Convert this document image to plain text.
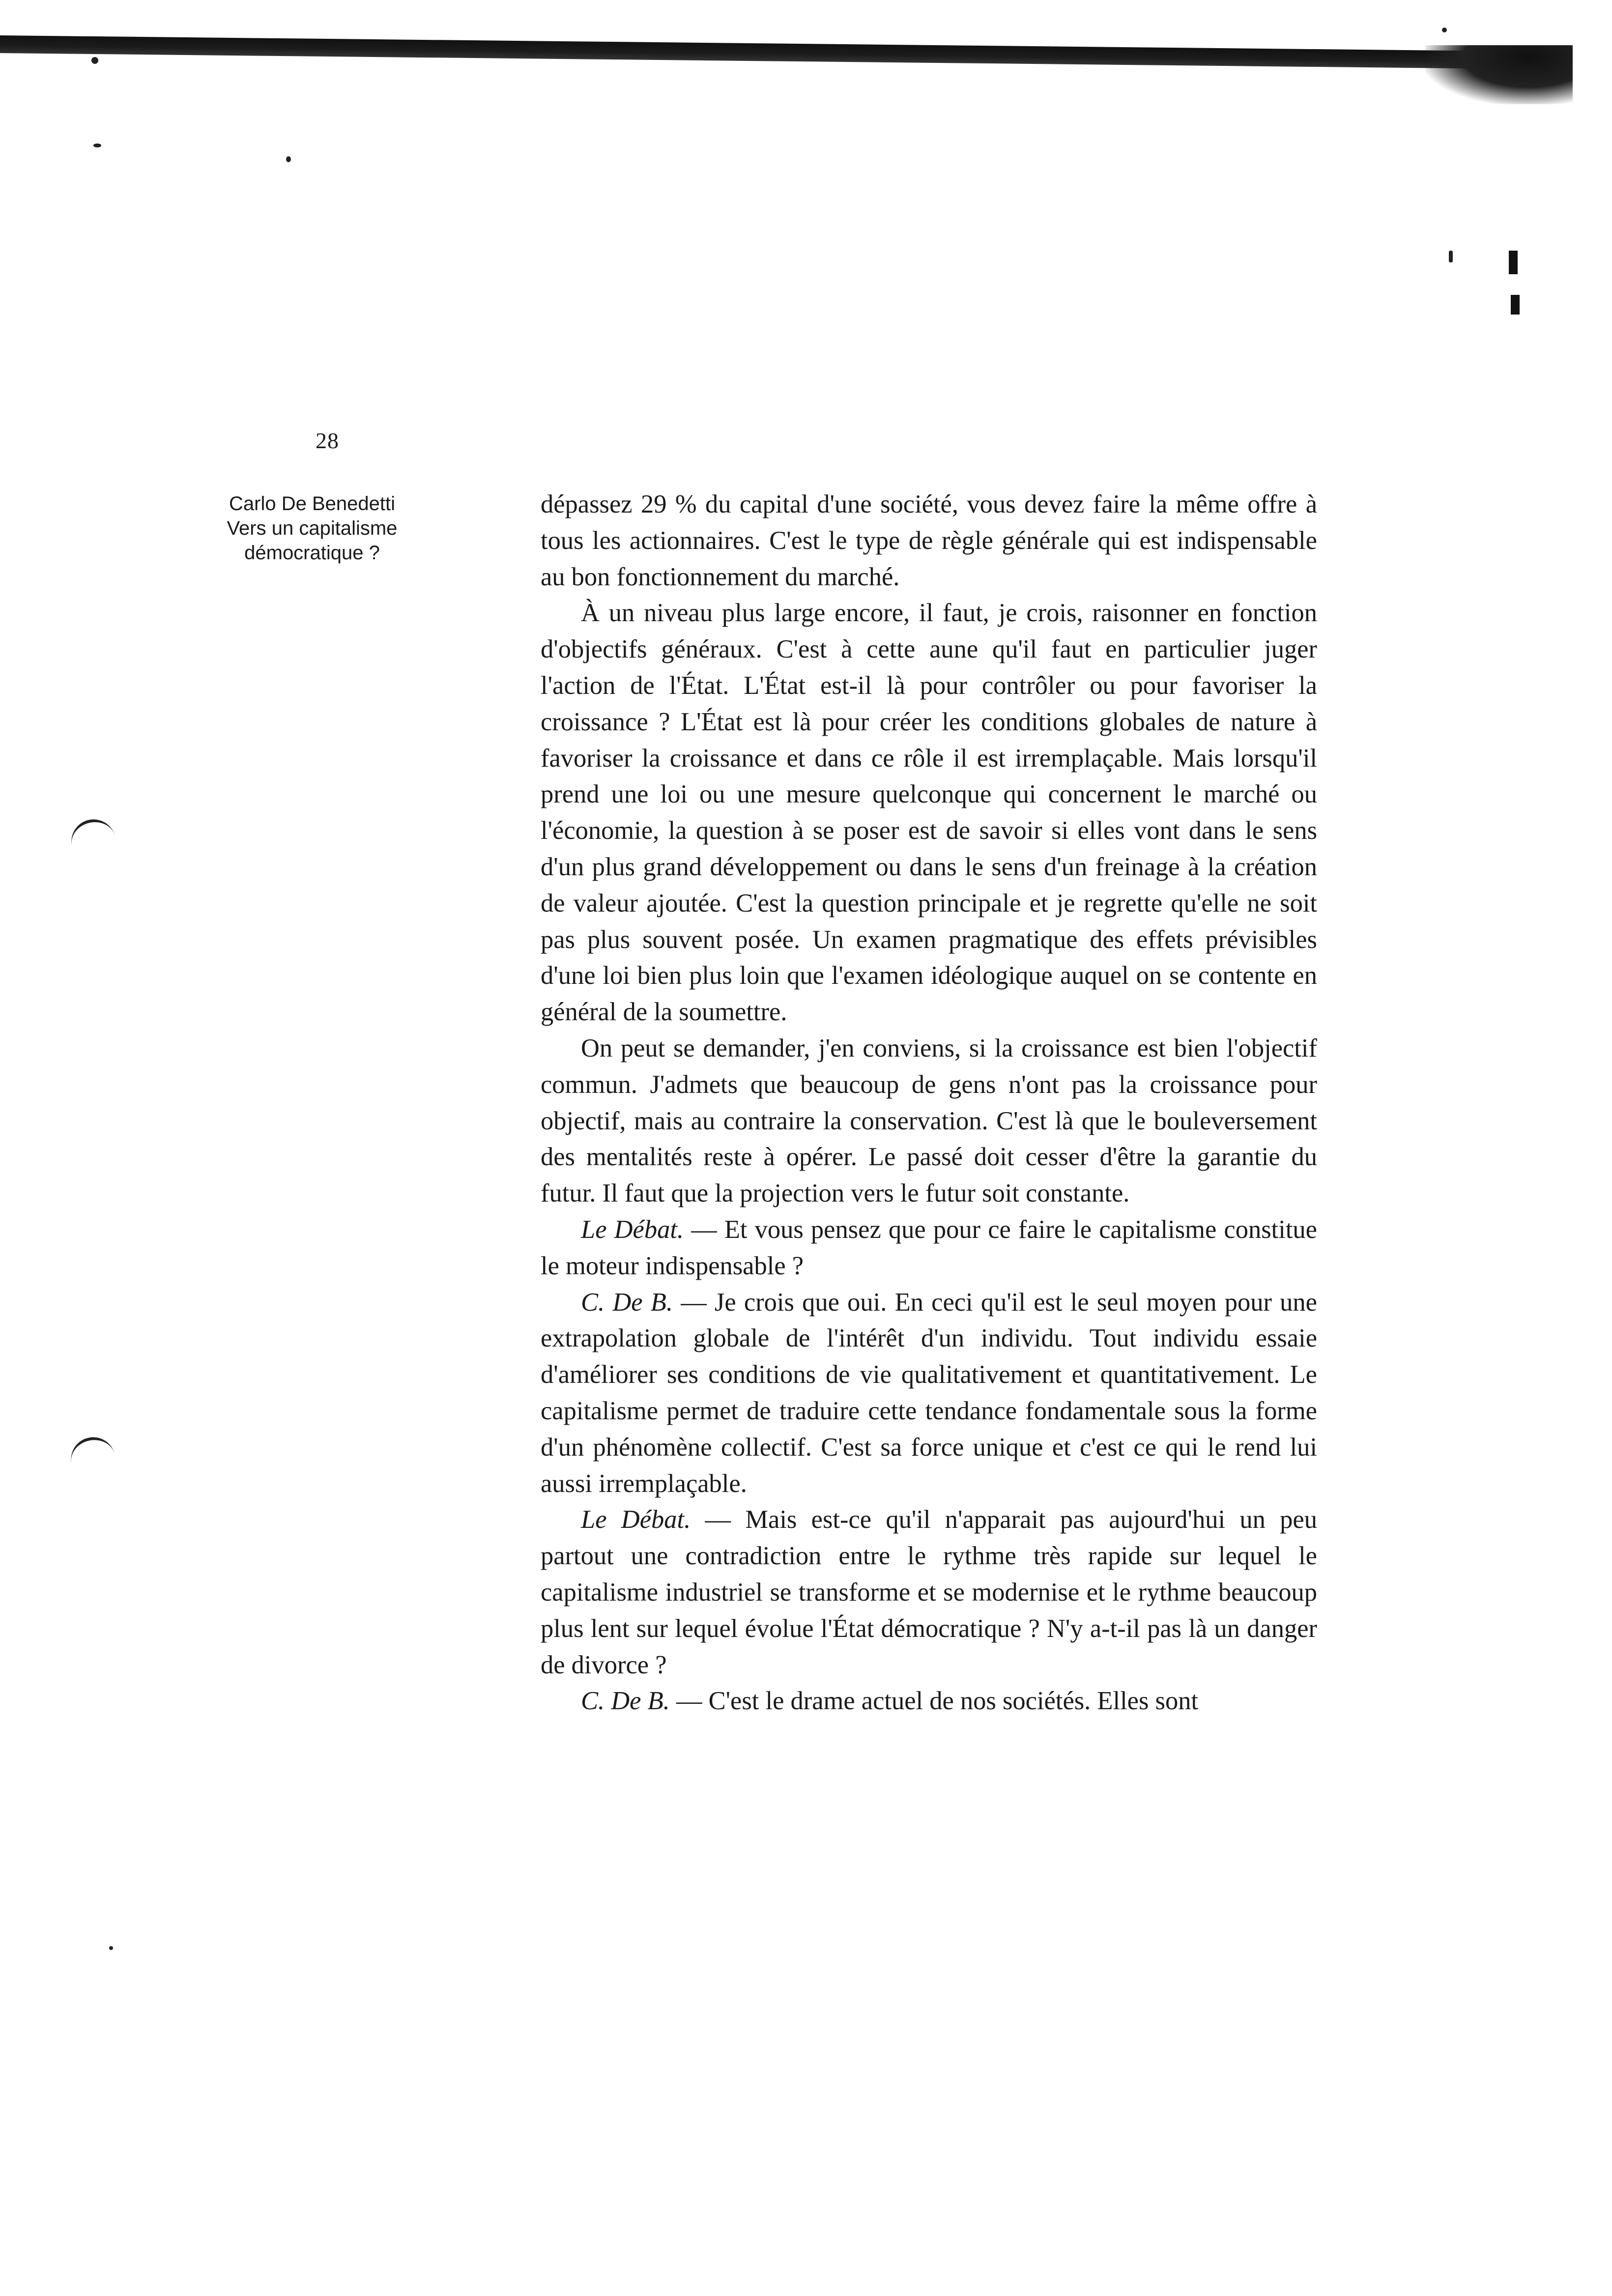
28
Carlo De Benedetti
Vers un capitalisme
démocratique ?

dépassez 29 % du capital d'une société, vous devez faire la même offre à tous les actionnaires. C'est le type de règle générale qui est indispensable au bon fonctionnement du marché.

À un niveau plus large encore, il faut, je crois, raisonner en fonction d'objectifs généraux. C'est à cette aune qu'il faut en particulier juger l'action de l'État. L'État est-il là pour contrôler ou pour favoriser la croissance ? L'État est là pour créer les conditions globales de nature à favoriser la croissance et dans ce rôle il est irremplaçable. Mais lorsqu'il prend une loi ou une mesure quelconque qui concernent le marché ou l'économie, la question à se poser est de savoir si elles vont dans le sens d'un plus grand développement ou dans le sens d'un freinage à la création de valeur ajoutée. C'est la question principale et je regrette qu'elle ne soit pas plus souvent posée. Un examen pragmatique des effets prévisibles d'une loi bien plus loin que l'examen idéologique auquel on se contente en général de la soumettre.

On peut se demander, j'en conviens, si la croissance est bien l'objectif commun. J'admets que beaucoup de gens n'ont pas la croissance pour objectif, mais au contraire la conservation. C'est là que le bouleversement des mentalités reste à opérer. Le passé doit cesser d'être la garantie du futur. Il faut que la projection vers le futur soit constante.

Le Débat. — Et vous pensez que pour ce faire le capitalisme constitue le moteur indispensable ?

C. De B. — Je crois que oui. En ceci qu'il est le seul moyen pour une extrapolation globale de l'intérêt d'un individu. Tout individu essaie d'améliorer ses conditions de vie qualitativement et quantitativement. Le capitalisme permet de traduire cette tendance fondamentale sous la forme d'un phénomène collectif. C'est sa force unique et c'est ce qui le rend lui aussi irremplaçable.

Le Débat. — Mais est-ce qu'il n'apparait pas aujourd'hui un peu partout une contradiction entre le rythme très rapide sur lequel le capitalisme industriel se transforme et se modernise et le rythme beaucoup plus lent sur lequel évolue l'État démocratique ? N'y a-t-il pas là un danger de divorce ?

C. De B. — C'est le drame actuel de nos sociétés. Elles sont
